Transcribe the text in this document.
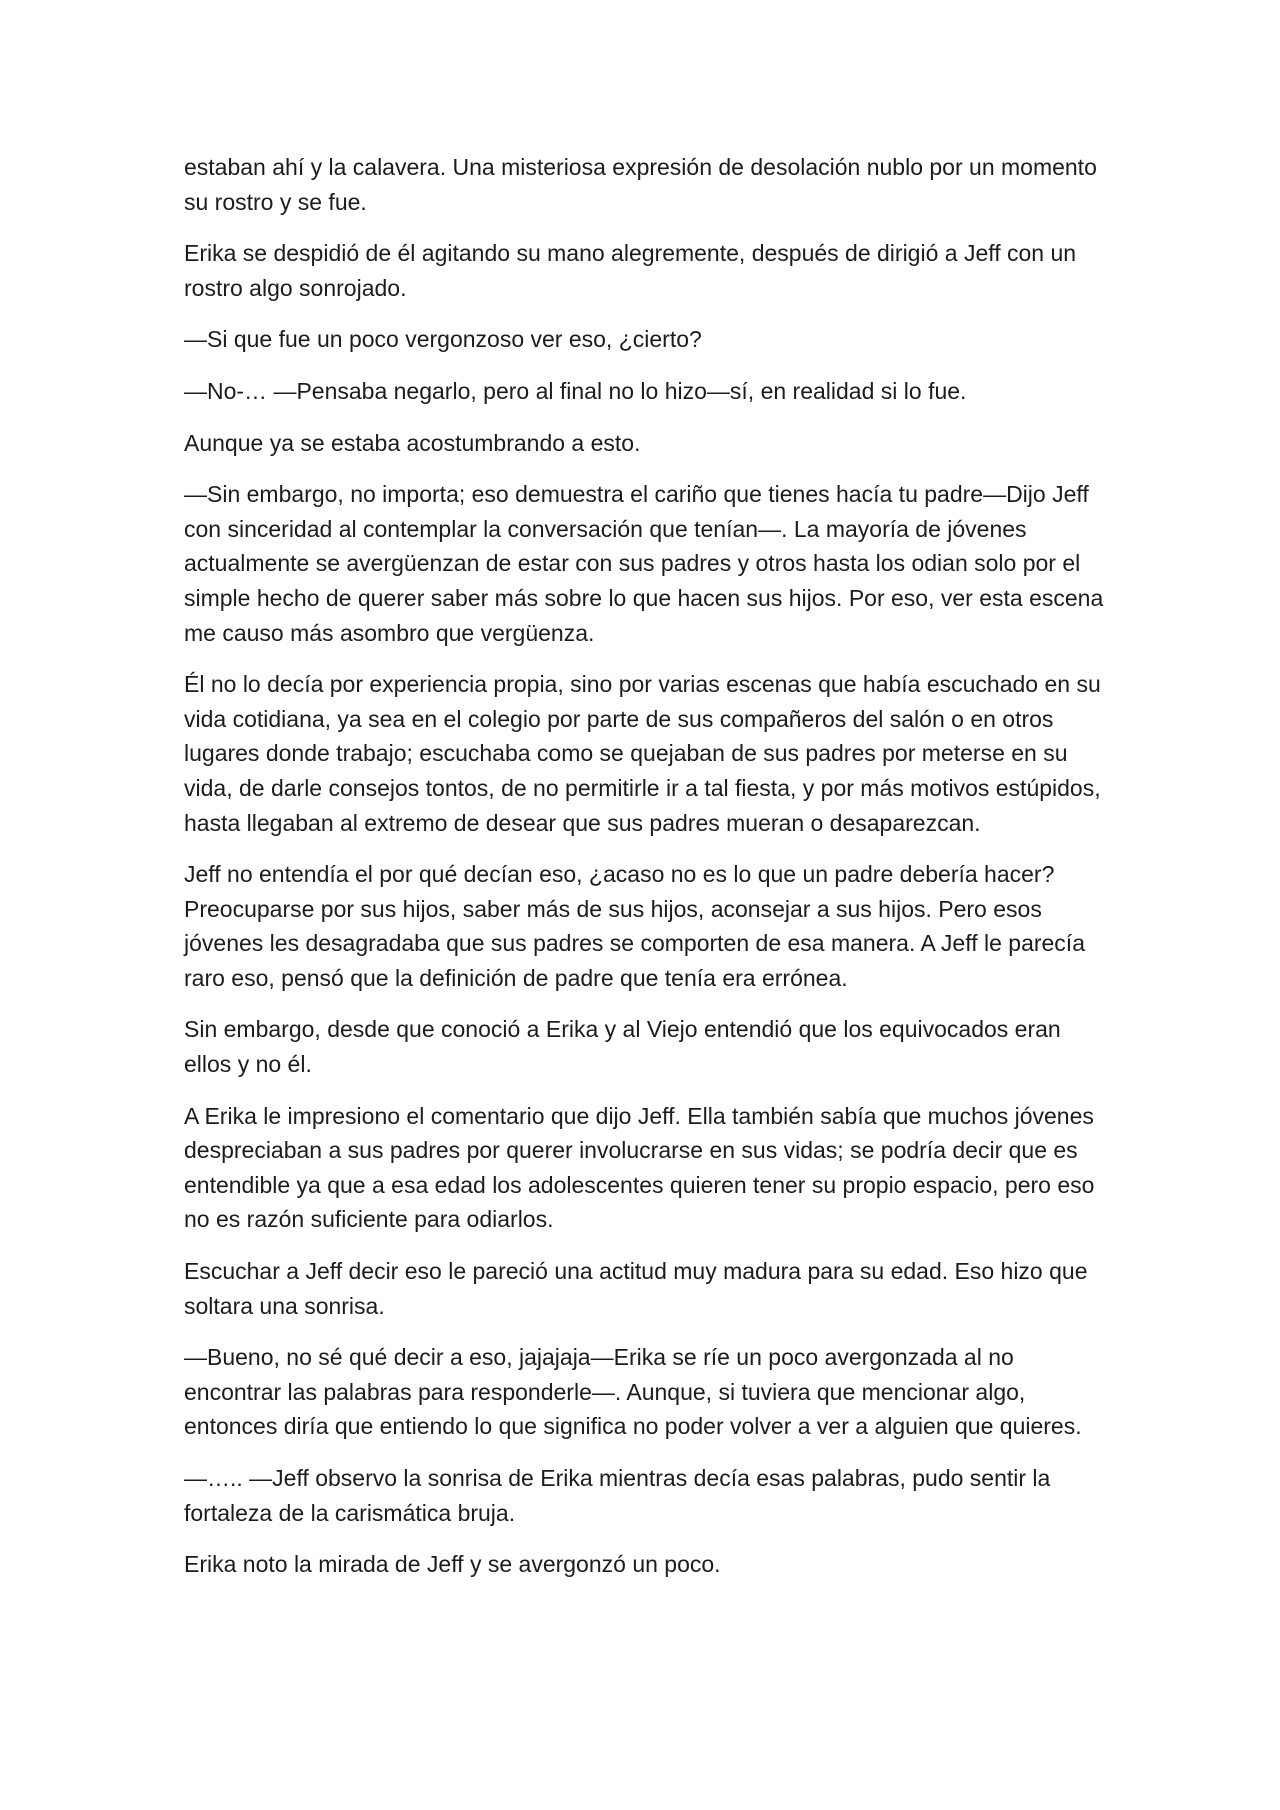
estaban ahí y la calavera. Una misteriosa expresión de desolación nublo por un momento su rostro y se fue.

Erika se despidió de él agitando su mano alegremente, después de dirigió a Jeff con un rostro algo sonrojado.

—Si que fue un poco vergonzoso ver eso, ¿cierto?

—No-… —Pensaba negarlo, pero al final no lo hizo—sí, en realidad si lo fue.

Aunque ya se estaba acostumbrando a esto.

—Sin embargo, no importa; eso demuestra el cariño que tienes hacía tu padre—Dijo Jeff con sinceridad al contemplar la conversación que tenían—. La mayoría de jóvenes actualmente se avergüenzan de estar con sus padres y otros hasta los odian solo por el simple hecho de querer saber más sobre lo que hacen sus hijos. Por eso, ver esta escena me causo más asombro que vergüenza.

Él no lo decía por experiencia propia, sino por varias escenas que había escuchado en su vida cotidiana, ya sea en el colegio por parte de sus compañeros del salón o en otros lugares donde trabajo; escuchaba como se quejaban de sus padres por meterse en su vida, de darle consejos tontos, de no permitirle ir a tal fiesta, y por más motivos estúpidos, hasta llegaban al extremo de desear que sus padres mueran o desaparezcan.

Jeff no entendía el por qué decían eso, ¿acaso no es lo que un padre debería hacer? Preocuparse por sus hijos, saber más de sus hijos, aconsejar a sus hijos. Pero esos jóvenes les desagradaba que sus padres se comporten de esa manera. A Jeff le parecía raro eso, pensó que la definición de padre que tenía era errónea.

Sin embargo, desde que conoció a Erika y al Viejo entendió que los equivocados eran ellos y no él.

A Erika le impresiono el comentario que dijo Jeff. Ella también sabía que muchos jóvenes despreciaban a sus padres por querer involucrarse en sus vidas; se podría decir que es entendible ya que a esa edad los adolescentes quieren tener su propio espacio, pero eso no es razón suficiente para odiarlos.

Escuchar a Jeff decir eso le pareció una actitud muy madura para su edad. Eso hizo que soltara una sonrisa.

—Bueno, no sé qué decir a eso, jajajaja—Erika se ríe un poco avergonzada al no encontrar las palabras para responderle—. Aunque, si tuviera que mencionar algo, entonces diría que entiendo lo que significa no poder volver a ver a alguien que quieres.

—….. —Jeff observo la sonrisa de Erika mientras decía esas palabras, pudo sentir la fortaleza de la carismática bruja.

Erika noto la mirada de Jeff y se avergonzó un poco.
